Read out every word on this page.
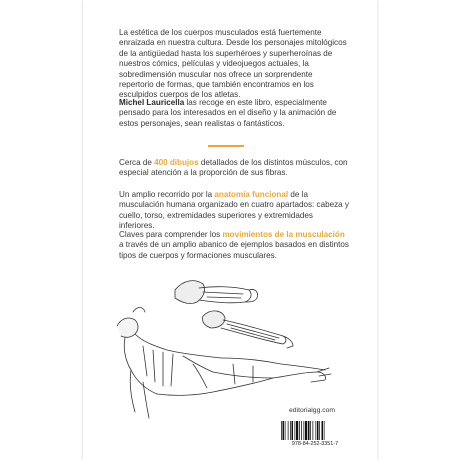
La estética de los cuerpos musculados está fuertemente enraizada en nuestra cultura. Desde los personajes mitológicos de la antigüedad hasta los superhéroes y superheroínas de nuestros cómics, películas y videojuegos actuales, la sobredimensión muscular nos ofrece un sorprendente repertorio de formas, que también encontramos en los esculpidos cuerpos de los atletas.

Michel Lauricella las recoge en este libro, especialmente pensado para los interesados en el diseño y la animación de estos personajes, sean realistas o fantásticos.

Cerca de 400 dibujos detallados de los distintos músculos, con especial atención a la proporción de sus fibras.

Un amplio recorrido por la anatomía funcional de la musculación humana organizado en cuatro apartados: cabeza y cuello, torso, extremidades superiores y extremidades inferiores.

Claves para comprender los movimientos de la musculación a través de un amplio abanico de ejemplos basados en distintos tipos de cuerpos y formaciones musculares.

editorialgg.com
978-84-252-3351-7
